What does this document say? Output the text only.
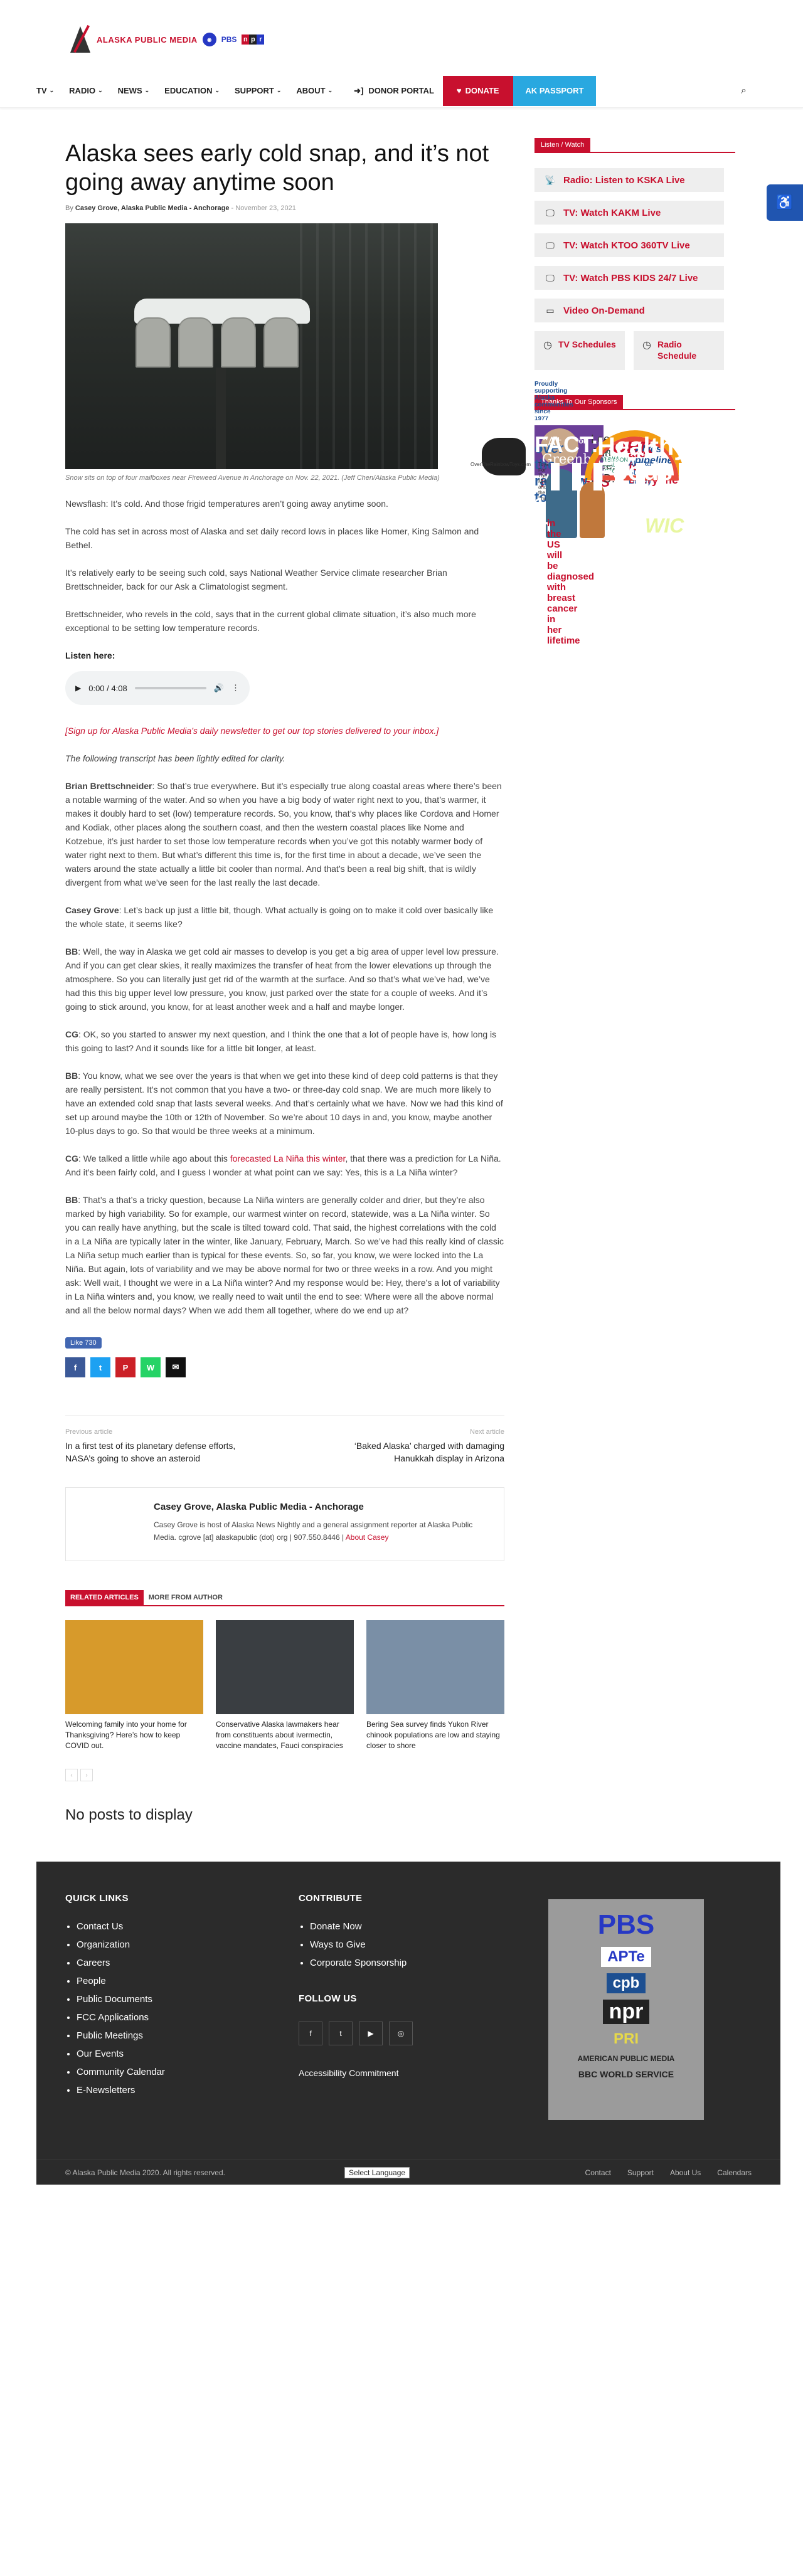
ALASKA PUBLIC MEDIA	◉	PBS n p r
TV ⌄ RADIO ⌄ NEWS ⌄ EDUCATION ⌄ SUPPORT ⌄ ABOUT ⌄	➜] DONOR PORTAL	♥ DONATE	AK PASSPORT	⌕
♿
Alaska sees early cold snap, and it’s not going away anytime soon
By Casey Grove, Alaska Public Media - Anchorage - November 23, 2021

Snow sits on top of four mailboxes near Fireweed Avenue in Anchorage on Nov. 22, 2021. (Jeff Chen/Alaska Public Media)

Newsflash: It’s cold. And those frigid temperatures aren’t going away anytime soon.

The cold has set in across most of Alaska and set daily record lows in places like Homer, King Salmon and Bethel.

It’s relatively early to be seeing such cold, says National Weather Service climate researcher Brian Brettschneider, back for our Ask a Climatologist segment.

Brettschneider, who revels in the cold, says that in the current global climate situation, it’s also much more exceptional to be setting low temperature records.

Listen here:

▶ 0:00 / 4:08	🔊 ⋮

[Sign up for Alaska Public Media’s daily newsletter to get our top stories delivered to your inbox.]

The following transcript has been lightly edited for clarity.

Brian Brettschneider: So that’s true everywhere. But it’s especially true along coastal areas where there’s been a notable warming of the water. And so when you have a big body of water right next to you, that’s warmer, it makes it doubly hard to set (low) temperature records. So, you know, that’s why places like Cordova and Homer and Kodiak, other places along the southern coast, and then the western coastal places like Nome and Kotzebue, it’s just harder to set those low temperature records when you’ve got this notably warmer body of water right next to them. But what’s different this time is, for the first time in about a decade, we’ve seen the waters around the state actually a little bit cooler than normal. And that’s been a real big shift, that is wildly divergent from what we’ve seen for the last really the last decade.

Casey Grove: Let’s back up just a little bit, though. What actually is going on to make it cold over basically like the whole state, it seems like?

BB: Well, the way in Alaska we get cold air masses to develop is you get a big area of upper level low pressure. And if you can get clear skies, it really maximizes the transfer of heat from the lower elevations up through the atmosphere. So you can literally just get rid of the warmth at the surface. And so that’s what we’ve had, we’ve had this this big upper level low pressure, you know, just parked over the state for a couple of weeks. And it’s going to stick around, you know, for at least another week and a half and maybe longer.

CG: OK, so you started to answer my next question, and I think the one that a lot of people have is, how long is this going to last? And it sounds like for a little bit longer, at least.

BB: You know, what we see over the years is that when we get into these kind of deep cold patterns is that they are really persistent. It’s not common that you have a two- or three-day cold snap. We are much more likely to have an extended cold snap that lasts several weeks. And that’s certainly what we have. Now we had this kind of set up around maybe the 10th or 12th of November. So we’re about 10 days in and, you know, maybe another 10-plus days to go. So that would be three weeks at a minimum.

CG: We talked a little while ago about this forecasted La Niña this winter, that there was a prediction for La Niña. And it’s been fairly cold, and I guess I wonder at what point can we say: Yes, this is a La Niña winter?

BB: That’s a that’s a tricky question, because La Niña winters are generally colder and drier, but they’re also marked by high variability. So for example, our warmest winter on record, statewide, was a La Niña winter. So you can really have anything, but the scale is tilted toward cold. That said, the highest correlations with the cold in a La Niña are typically later in the winter, like January, February, March. So we’ve had this really kind of classic La Niña setup much earlier than is typical for these events. So, so far, you know, we were locked into the La Niña. But again, lots of variability and we may be above normal for two or three weeks in a row. And you might ask: Well wait, I thought we were in a La Niña winter? And my response would be: Hey, there’s a lot of variability in La Niña winters and, you know, we really need to wait until the end to see: Where were all the above normal and all the below normal days? When we add them all together, where do we end up at?

Like 730
f	t	P	W	✉
Previous article
In a first test of its planetary defense efforts, NASA’s going to shove an asteroid
Next article
‘Baked Alaska’ charged with damaging Hanukkah display in Arizona
Casey Grove, Alaska Public Media - Anchorage
Casey Grove is host of Alaska News Nightly and a general assignment reporter at Alaska Public Media. cgrove [at] alaskapublic (dot) org | 907.550.8446 | About Casey
RELATED ARTICLES	MORE FROM AUTHOR
Welcoming family into your home for Thanksgiving? Here’s how to keep COVID out.
Conservative Alaska lawmakers hear from constituents about ivermectin, vaccine mandates, Fauci conspiracies
Bering Sea survey finds Yukon River chinook populations are low and staying closer to shore
‹	›
No posts to display
Listen / Watch
📡 Radio: Listen to KSKA Live
🖵 TV: Watch KAKM Live
🖵 TV: Watch KTOO 360TV Live
🖵 TV: Watch PBS KIDS 24/7 Live
▭ Video On-Demand
◷ TV Schedules	◷ Radio Schedule
Thanks To Our Sponsors
QUICK LINKS
• Contact Us
• Organization
• Careers
• People
• Public Documents
• FCC Applications
• Public Meetings
• Our Events
• Community Calendar
• E-Newsletters
CONTRIBUTE
• Donate Now
• Ways to Give
• Corporate Sponsorship
FOLLOW US
f	t	▶	◎
Accessibility Commitment
PBS
APTe
cpb
npr
PRI
AMERICAN PUBLIC MEDIA
BBC WORLD SERVICE
© Alaska Public Media 2020. All rights reserved.	Select Language	Contact Support About Us Calendars
